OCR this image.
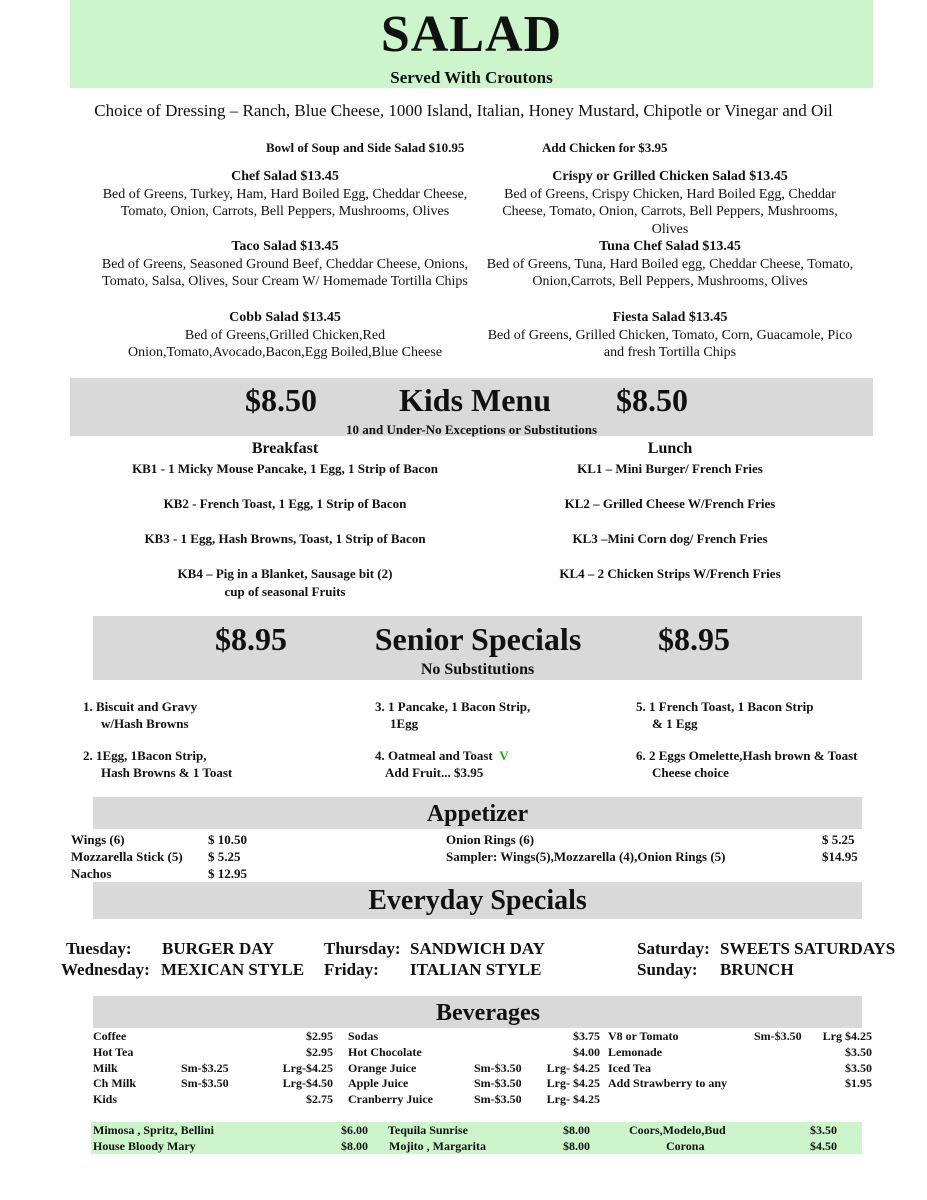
SALAD
Served With Croutons
Choice of Dressing – Ranch, Blue Cheese, 1000 Island, Italian, Honey Mustard, Chipotle or Vinegar and Oil
Bowl of Soup and Side Salad $10.95	Add Chicken for $3.95
Chef Salad $13.45
Bed of Greens, Turkey, Ham, Hard Boiled Egg, Cheddar Cheese, Tomato, Onion, Carrots, Bell Peppers, Mushrooms, Olives
Taco Salad $13.45
Bed of Greens, Seasoned Ground Beef, Cheddar Cheese, Onions, Tomato, Salsa, Olives, Sour Cream W/ Homemade Tortilla Chips
Cobb Salad $13.45
Bed of Greens,Grilled Chicken,Red Onion,Tomato,Avocado,Bacon,Egg Boiled,Blue Cheese
Crispy or Grilled Chicken Salad $13.45
Bed of Greens, Crispy Chicken, Hard Boiled Egg, Cheddar Cheese, Tomato, Onion, Carrots, Bell Peppers, Mushrooms, Olives
Tuna Chef Salad $13.45
Bed of Greens, Tuna, Hard Boiled egg, Cheddar Cheese, Tomato, Onion,Carrots, Bell Peppers, Mushrooms, Olives
Fiesta Salad $13.45
Bed of Greens, Grilled Chicken, Tomato, Corn, Guacamole, Pico and fresh Tortilla Chips
$8.50	Kids Menu	$8.50
10 and Under-No Exceptions or Substitutions
Breakfast	Lunch
KB1 - 1 Micky Mouse Pancake, 1 Egg, 1 Strip of Bacon
KB2 - French Toast, 1 Egg, 1 Strip of Bacon
KB3 - 1 Egg, Hash Browns, Toast, 1 Strip of Bacon
KB4 – Pig in a Blanket, Sausage bit (2)
cup of seasonal Fruits
KL1 – Mini Burger/ French Fries
KL2 – Grilled Cheese W/French Fries
KL3 –Mini Corn dog/ French Fries
KL4 – 2 Chicken Strips W/French Fries
$8.95	Senior Specials	$8.95
No Substitutions
1. Biscuit and Gravy
w/Hash Browns
2. 1Egg, 1Bacon Strip,
Hash Browns & 1 Toast
3. 1 Pancake, 1 Bacon Strip,
1Egg
4. Oatmeal and Toast V
Add Fruit... $3.95
5. 1 French Toast, 1 Bacon Strip
& 1 Egg
6. 2 Eggs Omelette,Hash brown & Toast
Cheese choice
Appetizer
Wings (6)	$ 10.50
Mozzarella Stick (5) $ 5.25
Nachos	$ 12.95
Onion Rings (6)	$ 5.25
Sampler: Wings(5),Mozzarella (4),Onion Rings (5)	$14.95
Everyday Specials
Tuesday: BURGER DAY
Wednesday: MEXICAN STYLE
Thursday: SANDWICH DAY
Friday: ITALIAN STYLE
Saturday: SWEETS SATURDAYS
Sunday: BRUNCH
Beverages
Coffee	$2.95
Hot Tea	$2.95
Milk	Sm-$3.25	Lrg-$4.25
Ch Milk	Sm-$3.50	Lrg-$4.50
Kids	$2.75
Sodas	$3.75
Hot Chocolate	$4.00
Orange Juice	Sm-$3.50 Lrg- $4.25
Apple Juice	Sm-$3.50 Lrg- $4.25
Cranberry Juice	Sm-$3.50 Lrg- $4.25
V8 or Tomato	Sm-$3.50 Lrg $4.25
Lemonade	$3.50
Iced Tea	$3.50
Add Strawberry to any	$1.95
Mimosa , Spritz, Bellini	$6.00 Tequila Sunrise	$8.00	Coors,Modelo,Bud	$3.50
House Bloody Mary	$8.00 Mojito , Margarita	$8.00	Corona	$4.50
